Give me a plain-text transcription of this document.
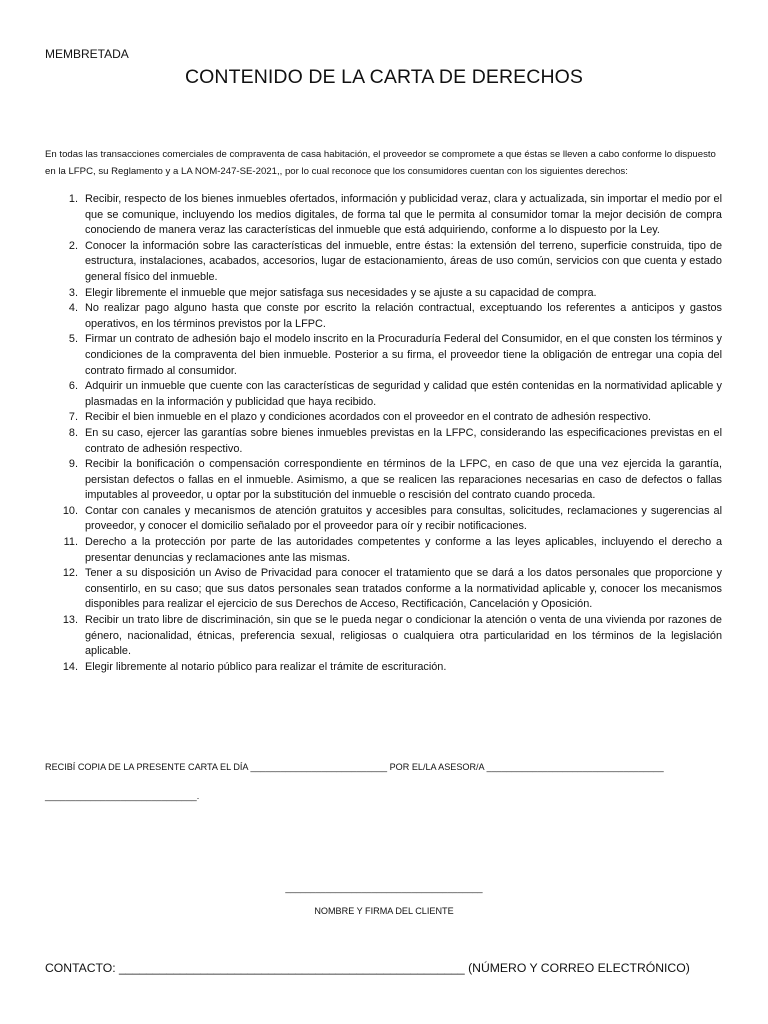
MEMBRETADA
CONTENIDO DE LA CARTA DE DERECHOS
En todas las transacciones comerciales de compraventa de casa habitación, el proveedor se compromete a que éstas se lleven a cabo conforme lo dispuesto en la LFPC, su Reglamento y a LA NOM-247-SE-2021,, por lo cual reconoce que los consumidores cuentan con los siguientes derechos:
1. Recibir, respecto de los bienes inmuebles ofertados, información y publicidad veraz, clara y actualizada, sin importar el medio por el que se comunique, incluyendo los medios digitales, de forma tal que le permita al consumidor tomar la mejor decisión de compra conociendo de manera veraz las características del inmueble que está adquiriendo, conforme a lo dispuesto por la Ley.
2. Conocer la información sobre las características del inmueble, entre éstas: la extensión del terreno, superficie construida, tipo de estructura, instalaciones, acabados, accesorios, lugar de estacionamiento, áreas de uso común, servicios con que cuenta y estado general físico del inmueble.
3. Elegir libremente el inmueble que mejor satisfaga sus necesidades y se ajuste a su capacidad de compra.
4. No realizar pago alguno hasta que conste por escrito la relación contractual, exceptuando los referentes a anticipos y gastos operativos, en los términos previstos por la LFPC.
5. Firmar un contrato de adhesión bajo el modelo inscrito en la Procuraduría Federal del Consumidor, en el que consten los términos y condiciones de la compraventa del bien inmueble. Posterior a su firma, el proveedor tiene la obligación de entregar una copia del contrato firmado al consumidor.
6. Adquirir un inmueble que cuente con las características de seguridad y calidad que estén contenidas en la normatividad aplicable y plasmadas en la información y publicidad que haya recibido.
7. Recibir el bien inmueble en el plazo y condiciones acordados con el proveedor en el contrato de adhesión respectivo.
8. En su caso, ejercer las garantías sobre bienes inmuebles previstas en la LFPC, considerando las especificaciones previstas en el contrato de adhesión respectivo.
9. Recibir la bonificación o compensación correspondiente en términos de la LFPC, en caso de que una vez ejercida la garantía, persistan defectos o fallas en el inmueble. Asimismo, a que se realicen las reparaciones necesarias en caso de defectos o fallas imputables al proveedor, u optar por la substitución del inmueble o rescisión del contrato cuando proceda.
10. Contar con canales y mecanismos de atención gratuitos y accesibles para consultas, solicitudes, reclamaciones y sugerencias al proveedor, y conocer el domicilio señalado por el proveedor para oír y recibir notificaciones.
11. Derecho a la protección por parte de las autoridades competentes y conforme a las leyes aplicables, incluyendo el derecho a presentar denuncias y reclamaciones ante las mismas.
12. Tener a su disposición un Aviso de Privacidad para conocer el tratamiento que se dará a los datos personales que proporcione y consentirlo, en su caso; que sus datos personales sean tratados conforme a la normatividad aplicable y, conocer los mecanismos disponibles para realizar el ejercicio de sus Derechos de Acceso, Rectificación, Cancelación y Oposición.
13. Recibir un trato libre de discriminación, sin que se le pueda negar o condicionar la atención o venta de una vivienda por razones de género, nacionalidad, étnicas, preferencia sexual, religiosas o cualquiera otra particularidad en los términos de la legislación aplicable.
14. Elegir libremente al notario público para realizar el trámite de escrituración.
RECIBÍ COPIA DE LA PRESENTE CARTA EL DÍA ___________________________ POR EL/LA ASESOR/A ___________________________________
______________________________.
_______________________________________
NOMBRE Y FIRMA DEL CLIENTE
CONTACTO: ___________________________________________________ (NÚMERO Y CORREO ELECTRÓNICO)
